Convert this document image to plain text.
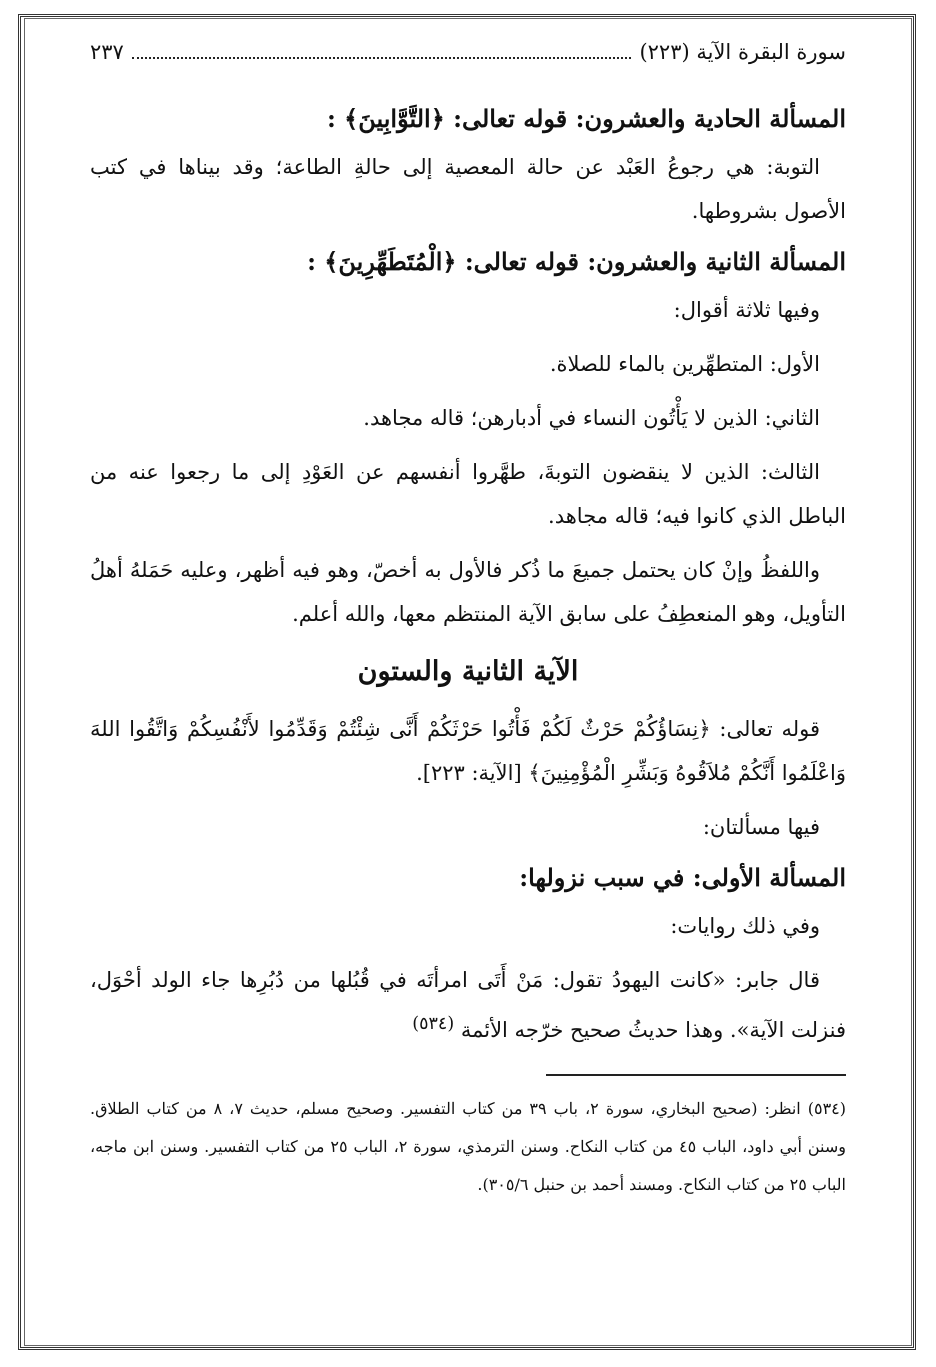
سورة البقرة الآية (٢٢٣)
٢٣٧
المسألة الحادية والعشرون: قوله تعالى: ﴿التَّوَّابِينَ﴾ :

التوبة: هي رجوعُ العَبْد عن حالة المعصية إلى حالةِ الطاعة؛ وقد بيناها في كتب الأصول بشروطها.

المسألة الثانية والعشرون: قوله تعالى: ﴿الْمُتَطَهِّرِينَ﴾ :

وفيها ثلاثة أقوال:

الأول: المتطهِّرين بالماء للصلاة.

الثاني: الذين لا يَأْتُون النساء في أدبارهن؛ قاله مجاهد.

الثالث: الذين لا ينقضون التوبةَ، طهَّروا أنفسهم عن العَوْدِ إلى ما رجعوا عنه من الباطل الذي كانوا فيه؛ قاله مجاهد.

واللفظُ وإنْ كان يحتمل جميعَ ما ذُكر فالأول به أخصّ، وهو فيه أظهر، وعليه حَمَلهُ أهلُ التأويل، وهو المنعطِفُ على سابق الآية المنتظم معها، والله أعلم.

الآية الثانية والستون

قوله تعالى: ﴿نِسَاؤُكُمْ حَرْثٌ لَكُمْ فَأْتُوا حَرْثَكُمْ أَنَّى شِئْتُمْ وَقَدِّمُوا لأَنْفُسِكُمْ وَاتَّقُوا اللهَ وَاعْلَمُوا أَنَّكُمْ مُلاَقُوهُ وَبَشِّرِ الْمُؤْمِنِينَ﴾ [الآية: ٢٢٣].

فيها مسألتان:

المسألة الأولى: في سبب نزولها:

وفي ذلك روايات:

قال جابر: «كانت اليهودُ تقول: مَنْ أَتَى امرأتَه في قُبُلها من دُبُرِها جاء الولد أحْوَل، فنزلت الآية». وهذا حديثُ صحيح خرّجه الأئمة $^{(٥٣٤)}$

(٥٣٤) انظر: (صحيح البخاري، سورة ٢، باب ٣٩ من كتاب التفسير. وصحيح مسلم، حديث ٧، ٨ من كتاب الطلاق. وسنن أبي داود، الباب ٤٥ من كتاب النكاح. وسنن الترمذي، سورة ٢، الباب ٢٥ من كتاب التفسير. وسنن ابن ماجه، الباب ٢٥ من كتاب النكاح. ومسند أحمد بن حنبل ٣٠٥/٦).
